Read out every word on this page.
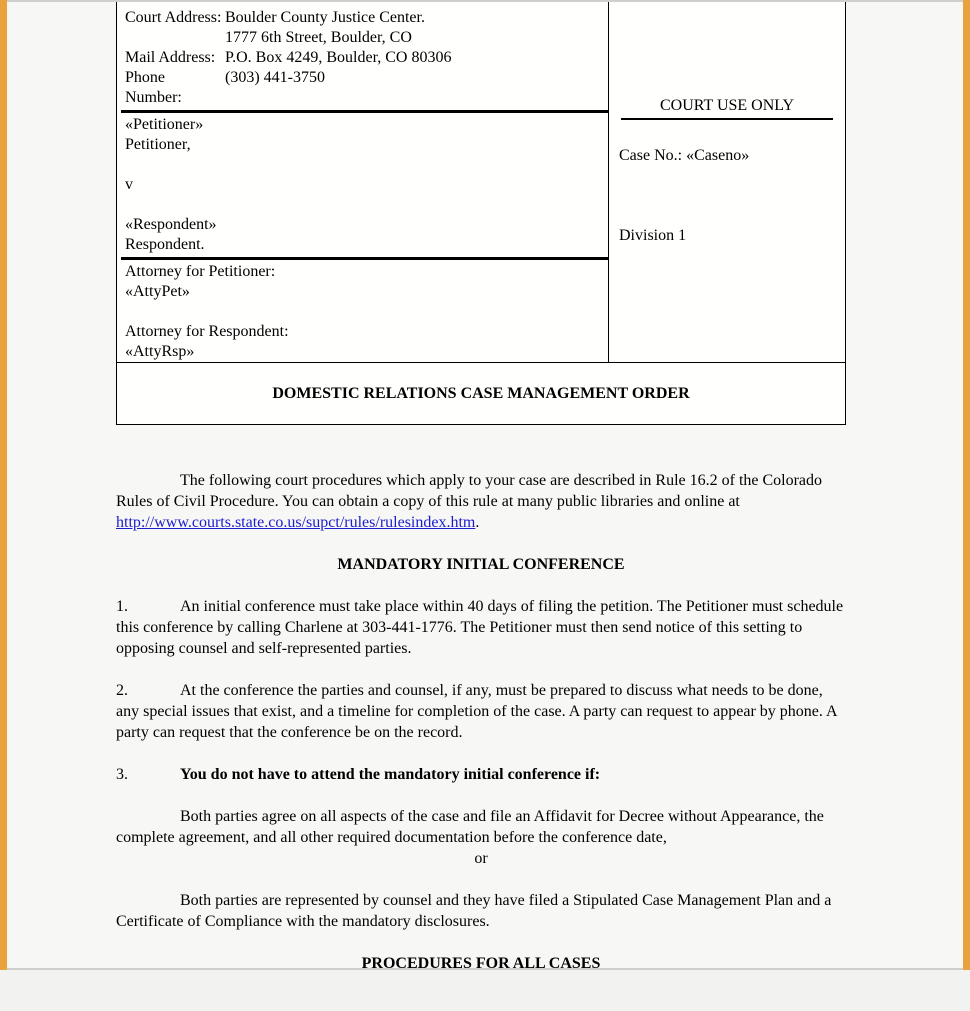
Court Address: Boulder County Justice Center.
1777 6th Street, Boulder, CO
Mail Address: P.O. Box 4249, Boulder, CO 80306
Phone Number:
(303) 441-3750

«Petitioner»

Petitioner,

v

«Respondent»

Respondent.

Attorney for Petitioner:

«AttyPet»

Attorney for Respondent:

«AttyRsp»

COURT USE ONLY

Case No.: «Caseno»

Division 1

DOMESTIC RELATIONS CASE MANAGEMENT ORDER

The following court procedures which apply to your case are described in Rule 16.2 of the Colorado Rules of Civil Procedure. You can obtain a copy of this rule at many public libraries and online at http://www.courts.state.co.us/supct/rules/rulesindex.htm.

MANDATORY INITIAL CONFERENCE

1.	An initial conference must take place within 40 days of filing the petition. The Petitioner must schedule this conference by calling Charlene at 303-441-1776. The Petitioner must then send notice of this setting to opposing counsel and self-represented parties.

2.	At the conference the parties and counsel, if any, must be prepared to discuss what needs to be done, any special issues that exist, and a timeline for completion of the case. A party can request to appear by phone. A party can request that the conference be on the record.

3.	You do not have to attend the mandatory initial conference if:

Both parties agree on all aspects of the case and file an Affidavit for Decree without Appearance, the complete agreement, and all other required documentation before the conference date,

or

Both parties are represented by counsel and they have filed a Stipulated Case Management Plan and a Certificate of Compliance with the mandatory disclosures.

PROCEDURES FOR ALL CASES
